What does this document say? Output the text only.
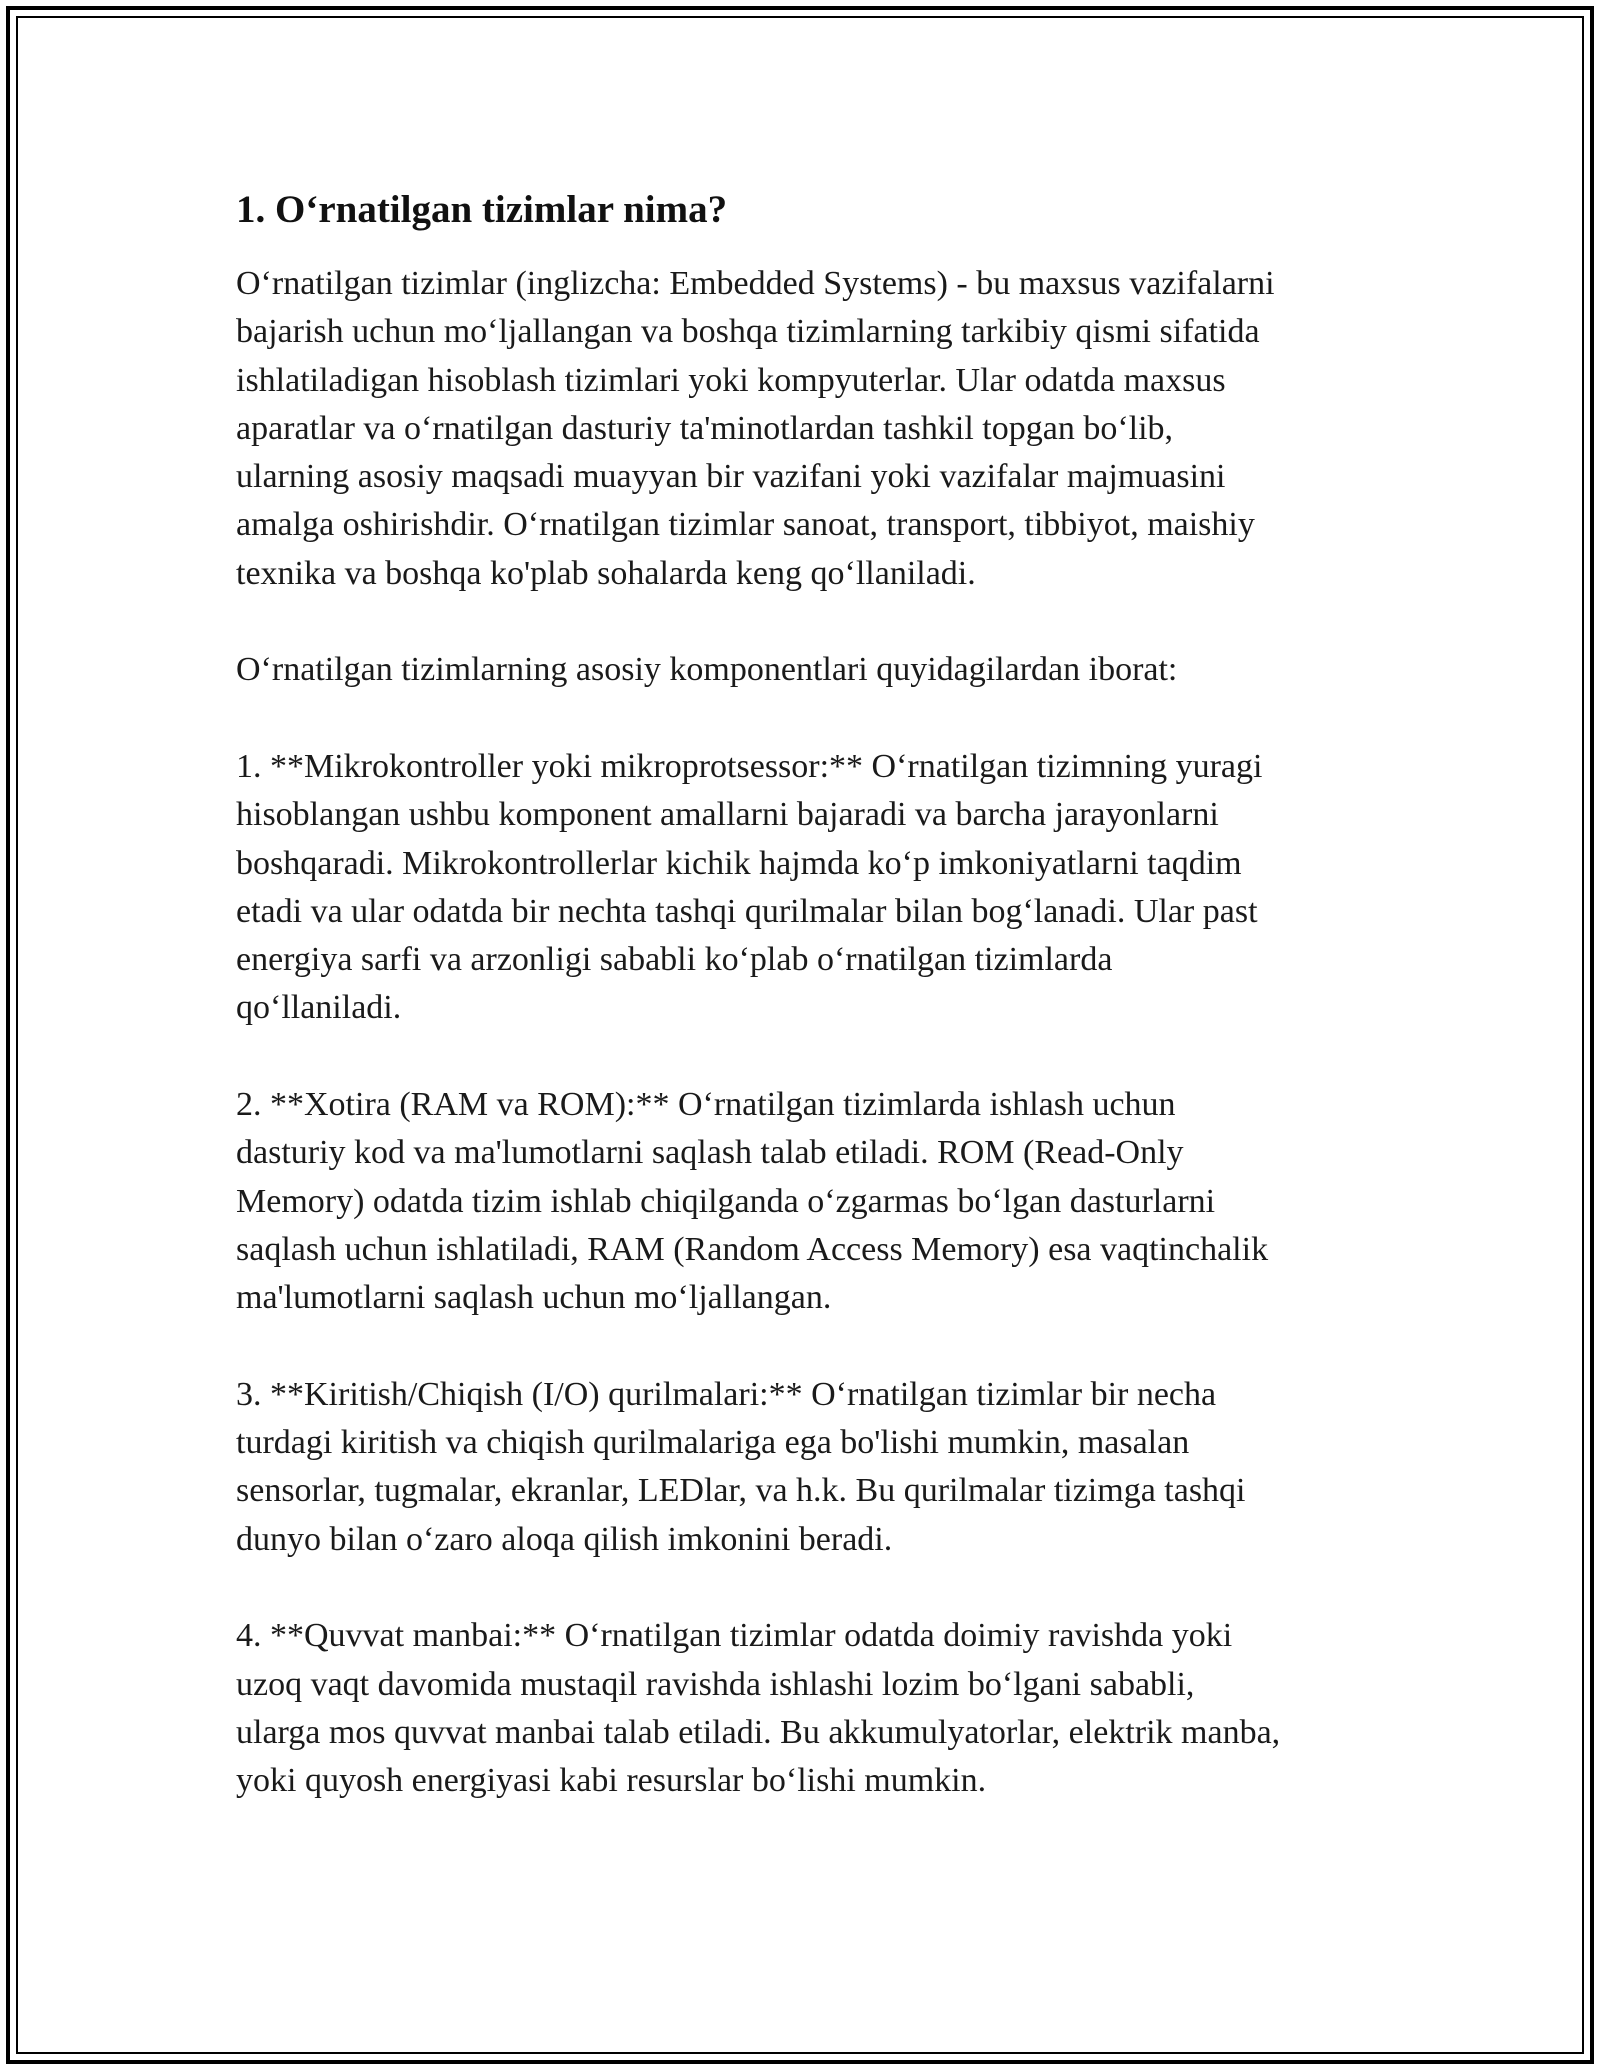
1. O‘rnatilgan tizimlar nima?

O‘rnatilgan tizimlar (inglizcha: Embedded Systems) - bu maxsus vazifalarni
bajarish uchun mo‘ljallangan va boshqa tizimlarning tarkibiy qismi sifatida
ishlatiladigan hisoblash tizimlari yoki kompyuterlar. Ular odatda maxsus
aparatlar va o‘rnatilgan dasturiy ta'minotlardan tashkil topgan bo‘lib,
ularning asosiy maqsadi muayyan bir vazifani yoki vazifalar majmuasini
amalga oshirishdir. O‘rnatilgan tizimlar sanoat, transport, tibbiyot, maishiy
texnika va boshqa ko'plab sohalarda keng qo‘llaniladi.

O‘rnatilgan tizimlarning asosiy komponentlari quyidagilardan iborat:

1. **Mikrokontroller yoki mikroprotsessor:** O‘rnatilgan tizimning yuragi
hisoblangan ushbu komponent amallarni bajaradi va barcha jarayonlarni
boshqaradi. Mikrokontrollerlar kichik hajmda ko‘p imkoniyatlarni taqdim
etadi va ular odatda bir nechta tashqi qurilmalar bilan bog‘lanadi. Ular past
energiya sarfi va arzonligi sababli ko‘plab o‘rnatilgan tizimlarda
qo‘llaniladi.

2. **Xotira (RAM va ROM):** O‘rnatilgan tizimlarda ishlash uchun
dasturiy kod va ma'lumotlarni saqlash talab etiladi. ROM (Read-Only
Memory) odatda tizim ishlab chiqilganda o‘zgarmas bo‘lgan dasturlarni
saqlash uchun ishlatiladi, RAM (Random Access Memory) esa vaqtinchalik
ma'lumotlarni saqlash uchun mo‘ljallangan.

3. **Kiritish/Chiqish (I/O) qurilmalari:** O‘rnatilgan tizimlar bir necha
turdagi kiritish va chiqish qurilmalariga ega bo'lishi mumkin, masalan
sensorlar, tugmalar, ekranlar, LEDlar, va h.k. Bu qurilmalar tizimga tashqi
dunyo bilan o‘zaro aloqa qilish imkonini beradi.

4. **Quvvat manbai:** O‘rnatilgan tizimlar odatda doimiy ravishda yoki
uzoq vaqt davomida mustaqil ravishda ishlashi lozim bo‘lgani sababli,
ularga mos quvvat manbai talab etiladi. Bu akkumulyatorlar, elektrik manba,
yoki quyosh energiyasi kabi resurslar bo‘lishi mumkin.
